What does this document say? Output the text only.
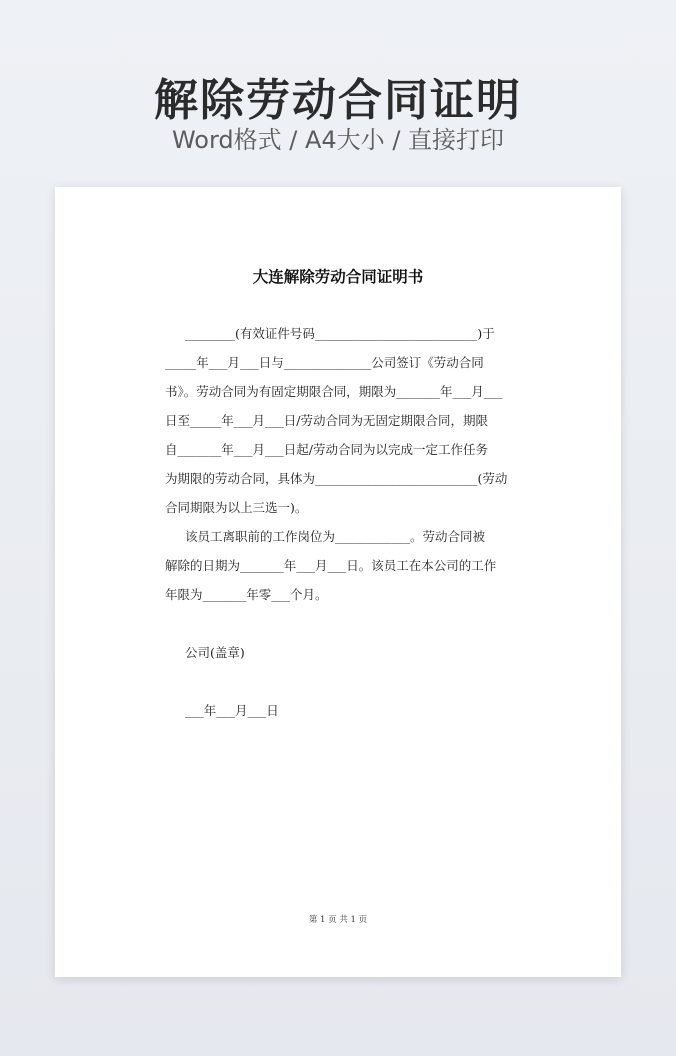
解除劳动合同证明
Word格式 / A4大小 / 直接打印
大连解除劳动合同证明书
________(有效证件号码__________________________)于
_____年___月___日与______________公司签订《劳动合同
书》。劳动合同为有固定期限合同，期限为_______年___月___
日至_____年___月___日/劳动合同为无固定期限合同，期限
自_______年___月___日起/劳动合同为以完成一定工作任务
为期限的劳动合同，具体为__________________________(劳动
合同期限为以上三选一)。
该员工离职前的工作岗位为____________。劳动合同被
解除的日期为_______年___月___日。该员工在本公司的工作
年限为_______年零___个月。
公司(盖章)
___年___月___日
第 1 页 共 1 页
